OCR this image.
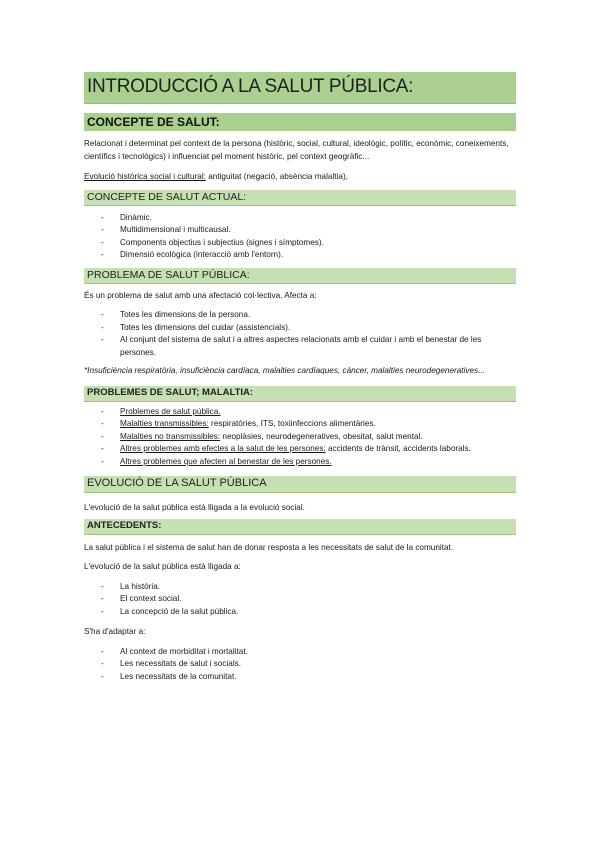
INTRODUCCIÓ A LA SALUT PÚBLICA:
CONCEPTE DE SALUT:

Relacionat i determinat pel context de la persona (històric, social, cultural, ideològic, polític, econòmic, coneixements, científics i tecnològics) i influenciat pel moment històric, pel context geogràfic...

Evolució històrica social i cultural: antiguitat (negació, absència malaltia),

CONCEPTE DE SALUT ACTUAL:
- Dinàmic.
- Multidimensional i multicausal.
- Components objectius i subjectius (signes i símptomes).
- Dimensió ecològica (interacció amb l'entorn).
PROBLEMA DE SALUT PÚBLICA:

És un problema de salut amb una afectació col·lectiva. Afecta a:

- Totes les dimensions de la persona.
- Totes les dimensions del cuidar (assistencials).
- Al conjunt del sistema de salut i a altres aspectes relacionats amb el cuidar i amb el benestar de les persones.

*Insuficiència respiratòria, insuficiència cardíaca, malalties cardíaques, càncer, malalties neurodegeneratives...

PROBLEMES DE SALUT; MALALTIA:
- Problemes de salut pública.
- Malalties transmissibles: respiratòries, ITS, toxiinfeccions alimentàries.
- Malalties no transmissibles: neoplàsies, neurodegeneratives, obesitat, salut mental.
- Altres problemes amb efectes a la salut de les persones: accidents de trànsit, accidents laborals.
- Altres problemes que afecten al benestar de les persones.
EVOLUCIÓ DE LA SALUT PÚBLICA

L'evolució de la salut pública està lligada a la evolució social.

ANTECEDENTS:

La salut pública i el sistema de salut han de donar resposta a les necessitats de salut de la comunitat.

L'evolució de la salut pública està lligada a:

- La història.
- El context social.
- La concepció de la salut pública.

S'ha d'adaptar a:

- Al context de morbiditat i mortalitat.
- Les necessitats de salut i socials.
- Les necessitats de la comunitat.
